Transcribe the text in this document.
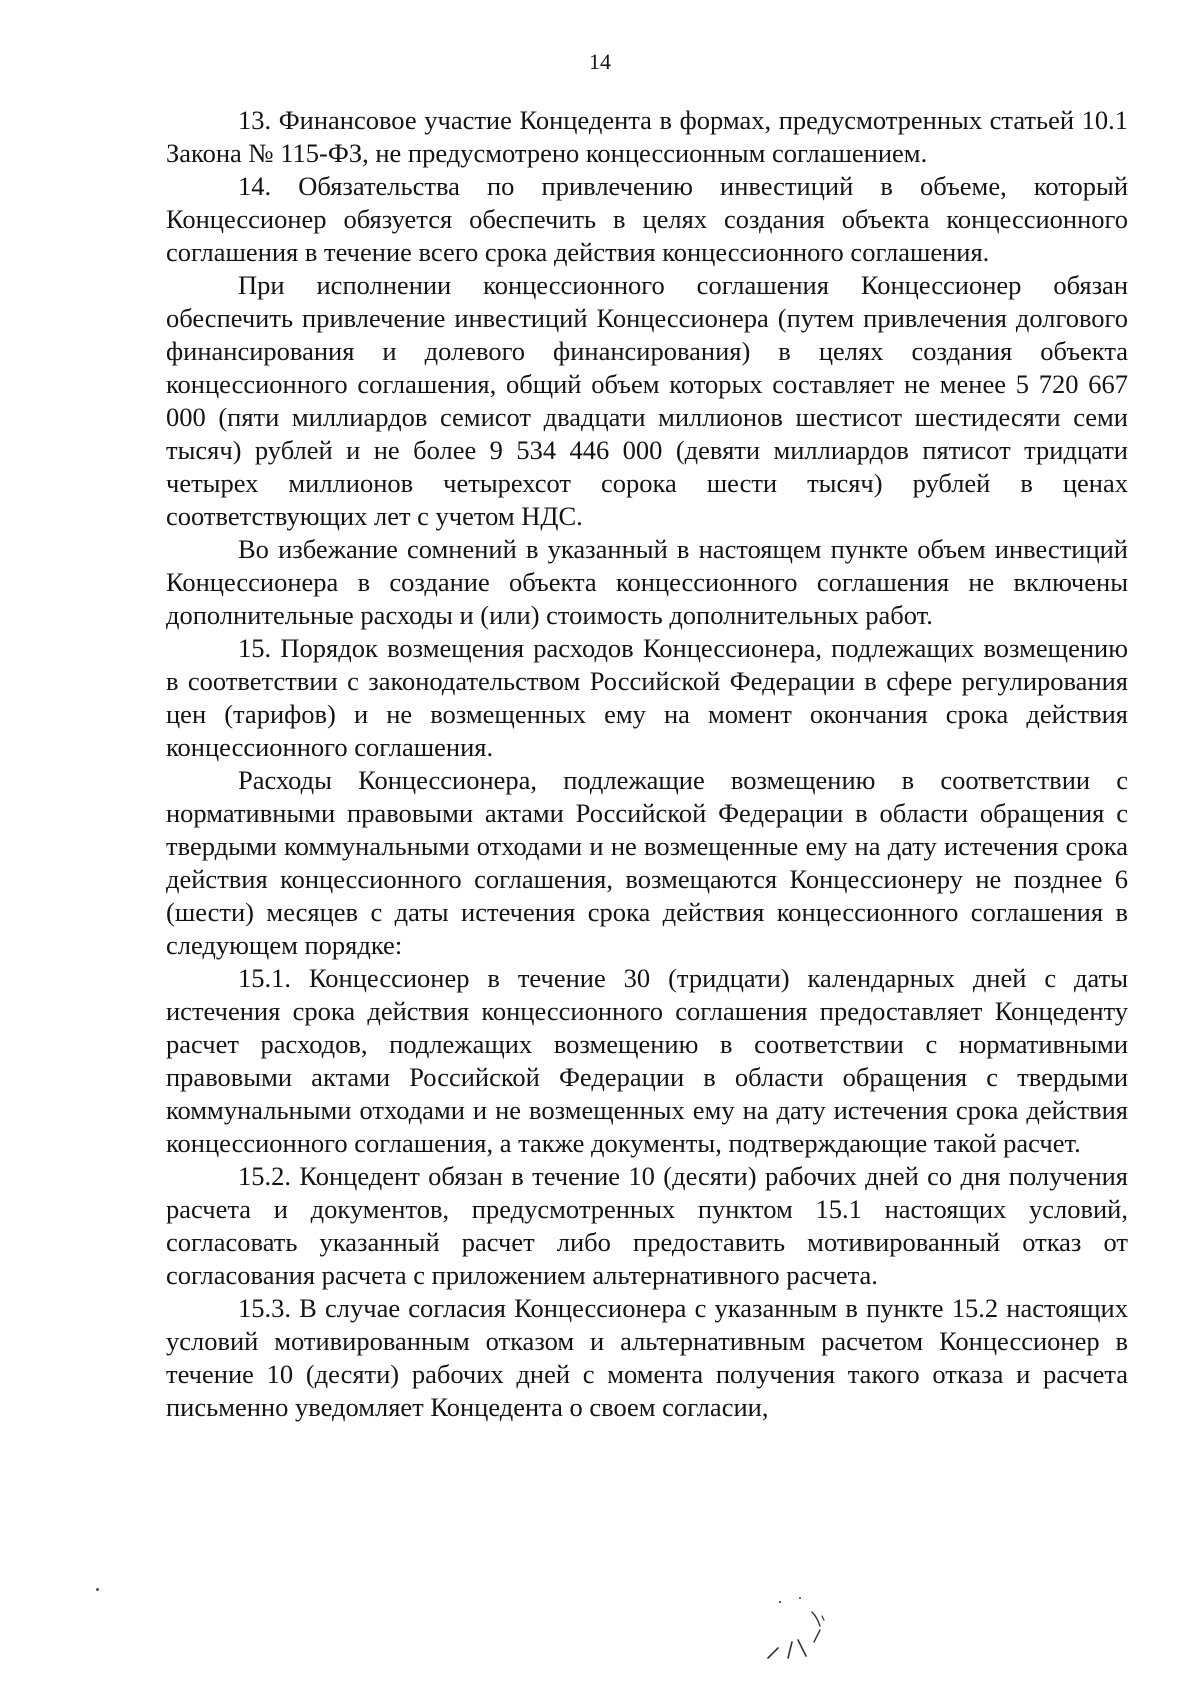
14

13. Финансовое участие Концедента в формах, предусмотренных статьей 10.1 Закона № 115-ФЗ, не предусмотрено концессионным соглашением.

14. Обязательства по привлечению инвестиций в объеме, который Концессионер обязуется обеспечить в целях создания объекта концессионного соглашения в течение всего срока действия концессионного соглашения.

При исполнении концессионного соглашения Концессионер обязан обеспечить привлечение инвестиций Концессионера (путем привлечения долгового финансирования и долевого финансирования) в целях создания объекта концессионного соглашения, общий объем которых составляет не менее 5 720 667 000 (пяти миллиардов семисот двадцати миллионов шестисот шестидесяти семи тысяч) рублей и не более 9 534 446 000 (девяти миллиардов пятисот тридцати четырех миллионов четырехсот сорока шести тысяч) рублей в ценах соответствующих лет с учетом НДС.

Во избежание сомнений в указанный в настоящем пункте объем инвестиций Концессионера в создание объекта концессионного соглашения не включены дополнительные расходы и (или) стоимость дополнительных работ.

15. Порядок возмещения расходов Концессионера, подлежащих возмещению в соответствии с законодательством Российской Федерации в сфере регулирования цен (тарифов) и не возмещенных ему на момент окончания срока действия концессионного соглашения.

Расходы Концессионера, подлежащие возмещению в соответствии с нормативными правовыми актами Российской Федерации в области обращения с твердыми коммунальными отходами и не возмещенные ему на дату истечения срока действия концессионного соглашения, возмещаются Концессионеру не позднее 6 (шести) месяцев с даты истечения срока действия концессионного соглашения в следующем порядке:

15.1. Концессионер в течение 30 (тридцати) календарных дней с даты истечения срока действия концессионного соглашения предоставляет Концеденту расчет расходов, подлежащих возмещению в соответствии с нормативными правовыми актами Российской Федерации в области обращения с твердыми коммунальными отходами и не возмещенных ему на дату истечения срока действия концессионного соглашения, а также документы, подтверждающие такой расчет.

15.2. Концедент обязан в течение 10 (десяти) рабочих дней со дня получения расчета и документов, предусмотренных пунктом 15.1 настоящих условий, согласовать указанный расчет либо предоставить мотивированный отказ от согласования расчета с приложением альтернативного расчета.

15.3. В случае согласия Концессионера с указанным в пункте 15.2 настоящих условий мотивированным отказом и альтернативным расчетом Концессионер в течение 10 (десяти) рабочих дней с момента получения такого отказа и расчета письменно уведомляет Концедента о своем согласии,
